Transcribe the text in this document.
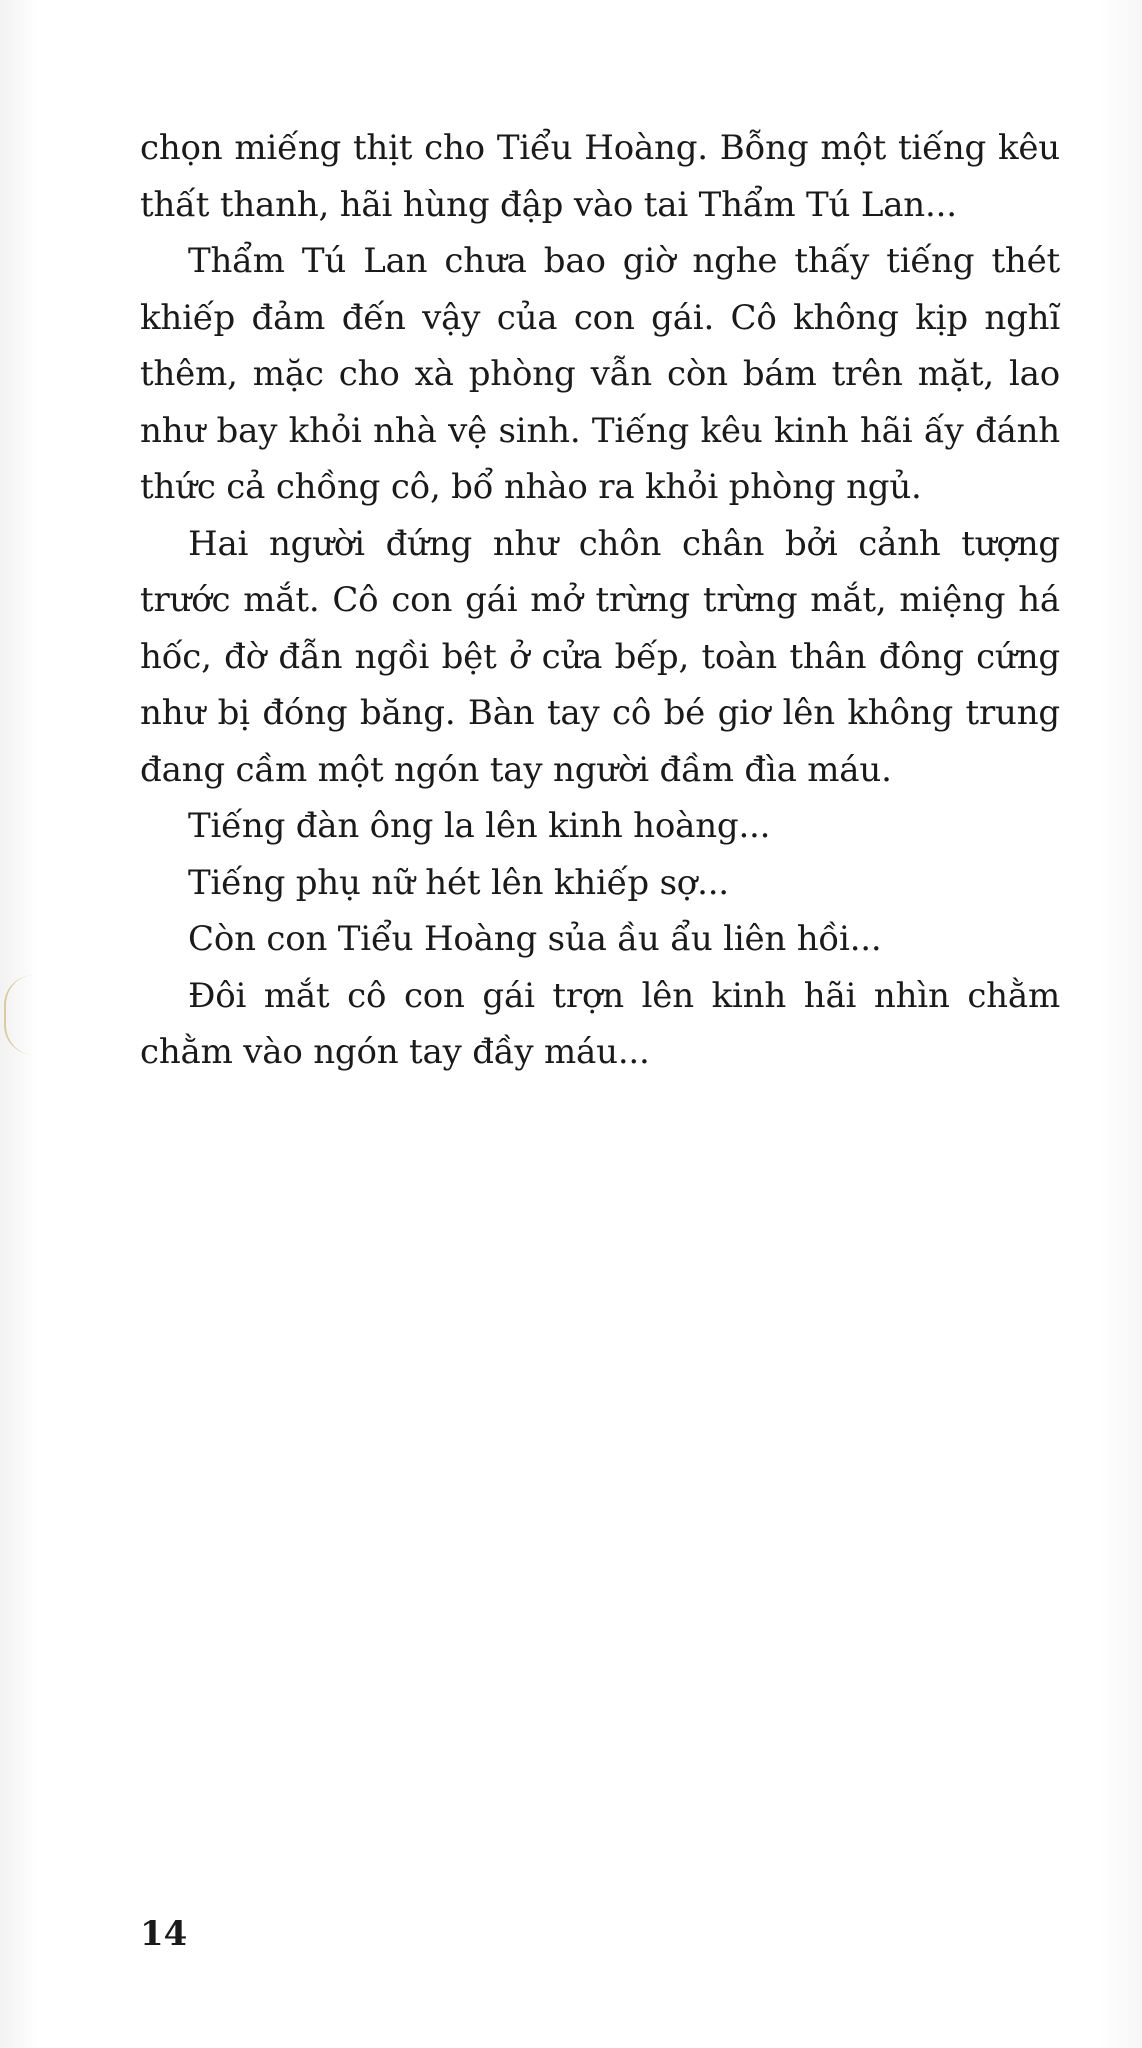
chọn miếng thịt cho Tiểu Hoàng. Bỗng một tiếng kêu thất thanh, hãi hùng đập vào tai Thẩm Tú Lan...

Thẩm Tú Lan chưa bao giờ nghe thấy tiếng thét khiếp đảm đến vậy của con gái. Cô không kịp nghĩ thêm, mặc cho xà phòng vẫn còn bám trên mặt, lao như bay khỏi nhà vệ sinh. Tiếng kêu kinh hãi ấy đánh thức cả chồng cô, bổ nhào ra khỏi phòng ngủ.

Hai người đứng như chôn chân bởi cảnh tượng trước mắt. Cô con gái mở trừng trừng mắt, miệng há hốc, đờ đẫn ngồi bệt ở cửa bếp, toàn thân đông cứng như bị đóng băng. Bàn tay cô bé giơ lên không trung đang cầm một ngón tay người đầm đìa máu.

Tiếng đàn ông la lên kinh hoàng...

Tiếng phụ nữ hét lên khiếp sợ...

Còn con Tiểu Hoàng sủa ầu ẩu liên hồi...

Đôi mắt cô con gái trợn lên kinh hãi nhìn chằm chằm vào ngón tay đầy máu...

14
